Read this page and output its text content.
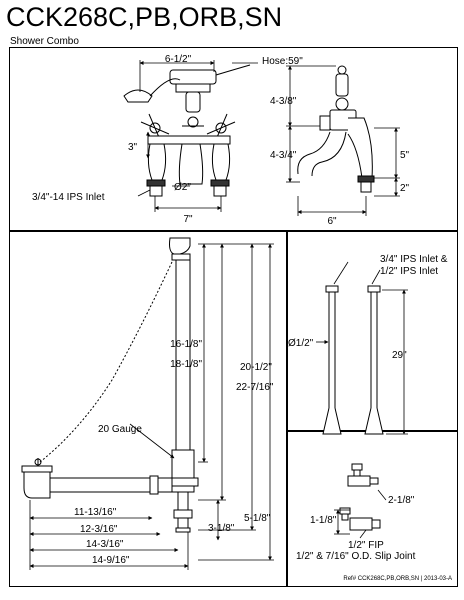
CCK268C,PB,ORB,SN
Shower Combo
6-1/2"	Hose:59"
3"
Ø2"
3/4"-14 IPS Inlet
7"
4-3/8"
4-3/4"	5"
2"
6"
16-1/8"
18-1/8"	20-1/2"
22-7/16"
20 Gauge
11-13/16"
12-3/16"
14-3/16"
14-9/16"
3-1/8"
5-1/8"
3/4" IPS Inlet &
1/2" IPS Inlet
Ø1/2"
29"
2-1/8"
1-1/8"
1/2" FIP
1/2" & 7/16" O.D. Slip Joint
Ref# CCK268C,PB,ORB,SN | 2013-03-A
